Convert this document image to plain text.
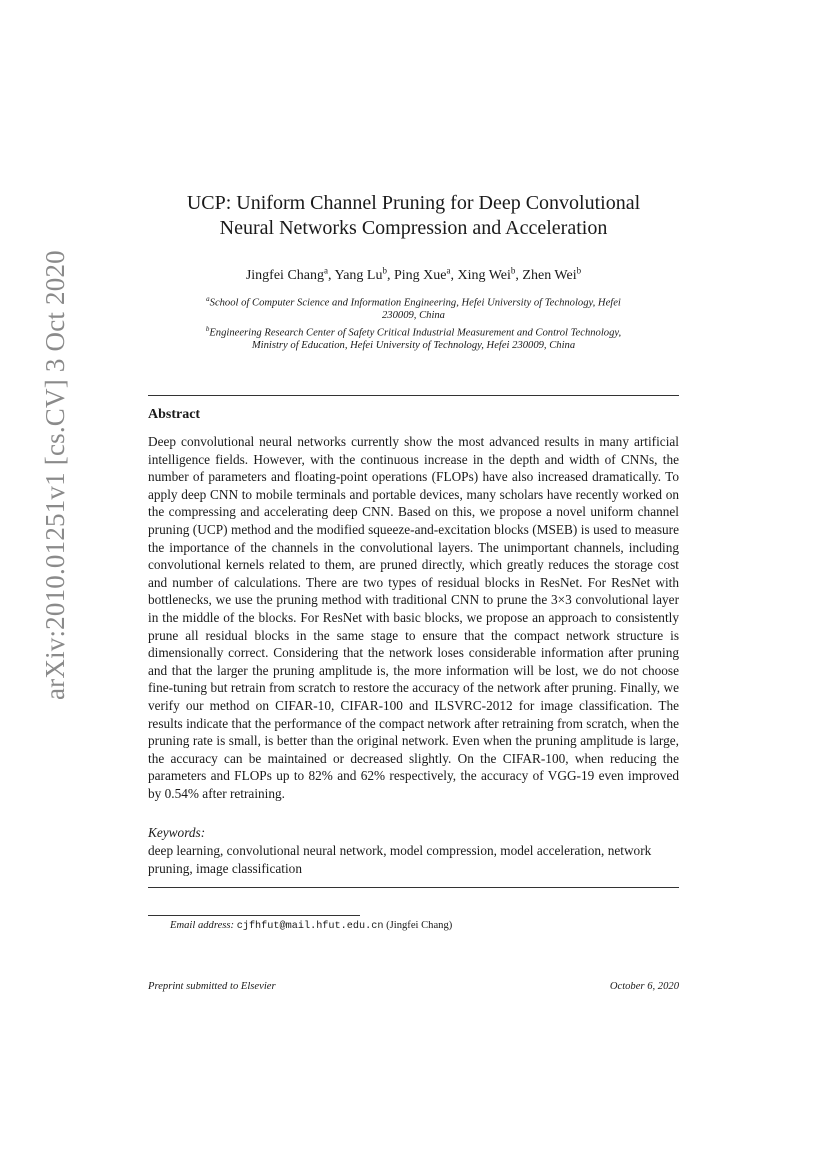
arXiv:2010.01251v1 [cs.CV] 3 Oct 2020
UCP: Uniform Channel Pruning for Deep Convolutional
Neural Networks Compression and Acceleration
Jingfei Chang$^a$, Yang Lu$^b$, Ping Xue$^a$, Xing Wei$^b$, Zhen Wei$^b$
$^a$School of Computer Science and Information Engineering, Hefei University of Technology, Hefei
230009, China
$^b$Engineering Research Center of Safety Critical Industrial Measurement and Control Technology,
Ministry of Education, Hefei University of Technology, Hefei 230009, China
Abstract

Deep convolutional neural networks currently show the most advanced results in many artificial intelligence fields. However, with the continuous increase in the depth and width of CNNs, the number of parameters and floating-point operations (FLOPs) have also increased dramatically. To apply deep CNN to mobile terminals and portable devices, many scholars have recently worked on the compressing and accelerating deep CNN. Based on this, we propose a novel uniform channel pruning (UCP) method and the modified squeeze-and-excitation blocks (MSEB) is used to measure the importance of the channels in the convolutional layers. The unimportant channels, including convolutional kernels related to them, are pruned directly, which greatly reduces the storage cost and number of calculations. There are two types of residual blocks in ResNet. For ResNet with bottlenecks, we use the pruning method with traditional CNN to prune the 3×3 convolutional layer in the middle of the blocks. For ResNet with basic blocks, we propose an approach to consistently prune all residual blocks in the same stage to ensure that the compact network structure is dimensionally correct. Considering that the network loses considerable information after pruning and that the larger the pruning amplitude is, the more information will be lost, we do not choose fine-tuning but retrain from scratch to restore the accuracy of the network after pruning. Finally, we verify our method on CIFAR-10, CIFAR-100 and ILSVRC-2012 for image classification. The results indicate that the performance of the compact network after retraining from scratch, when the pruning rate is small, is better than the original network. Even when the pruning amplitude is large, the accuracy can be maintained or decreased slightly. On the CIFAR-100, when reducing the parameters and FLOPs up to 82% and 62% respectively, the accuracy of VGG-19 even improved by 0.54% after retraining.

Keywords:

deep learning, convolutional neural network, model compression, model acceleration, network pruning, image classification

Email address: cjfhfut@mail.hfut.edu.cn (Jingfei Chang)
Preprint submitted to Elsevier	October 6, 2020
